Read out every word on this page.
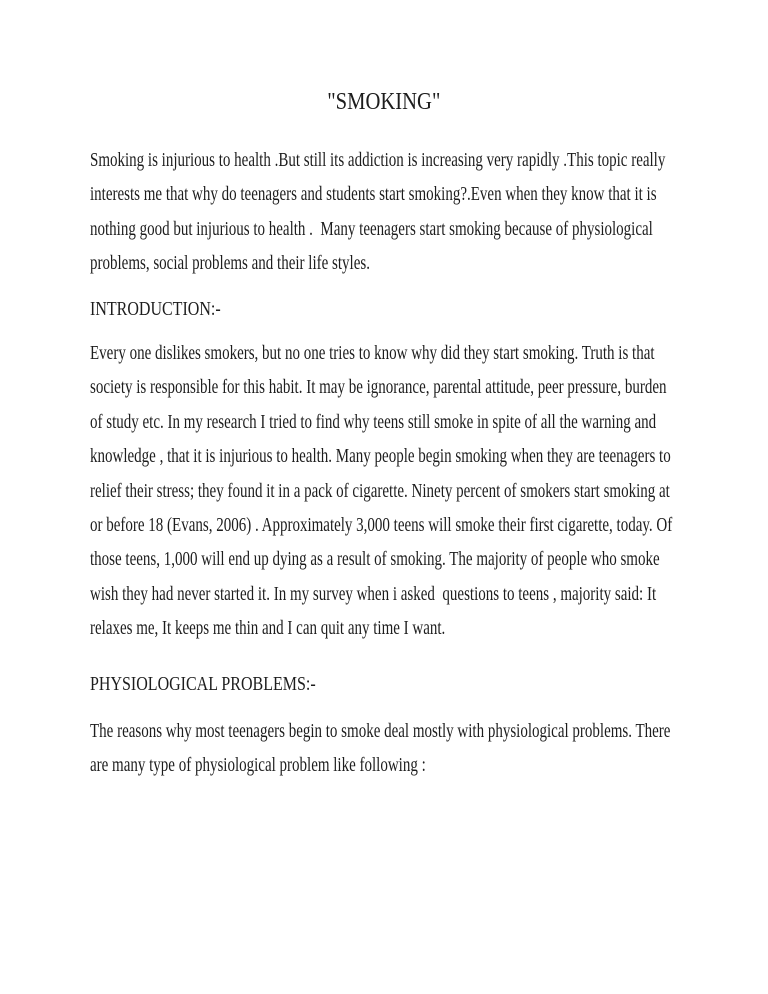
"SMOKING"
Smoking is injurious to health .But still its addiction is increasing very rapidly .This topic really
interests me that why do teenagers and students start smoking?.Even when they know that it is
nothing good but injurious to health .  Many teenagers start smoking because of physiological
problems, social problems and their life styles.
INTRODUCTION:-
Every one dislikes smokers, but no one tries to know why did they start smoking. Truth is that
society is responsible for this habit. It may be ignorance, parental attitude, peer pressure, burden
of study etc. In my research I tried to find why teens still smoke in spite of all the warning and
knowledge , that it is injurious to health. Many people begin smoking when they are teenagers to
relief their stress; they found it in a pack of cigarette. Ninety percent of smokers start smoking at
or before 18 (Evans, 2006) . Approximately 3,000 teens will smoke their first cigarette, today. Of
those teens, 1,000 will end up dying as a result of smoking. The majority of people who smoke
wish they had never started it. In my survey when i asked  questions to teens , majority said: It
relaxes me, It keeps me thin and I can quit any time I want.
PHYSIOLOGICAL PROBLEMS:-
The reasons why most teenagers begin to smoke deal mostly with physiological problems. There
are many type of physiological problem like following :
